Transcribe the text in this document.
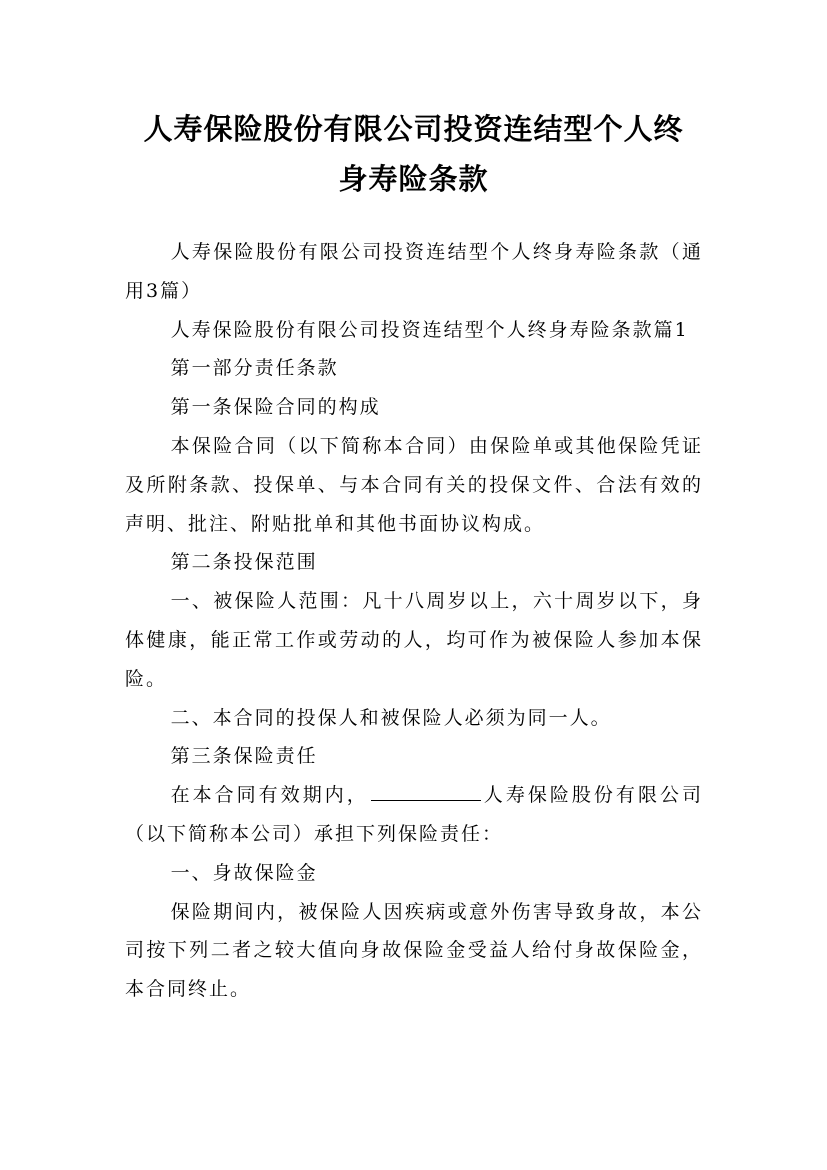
人寿保险股份有限公司投资连结型个人终
身寿险条款

人寿保险股份有限公司投资连结型个人终身寿险条款（通用3篇）

人寿保险股份有限公司投资连结型个人终身寿险条款篇1

第一部分责任条款

第一条保险合同的构成

本保险合同（以下简称本合同）由保险单或其他保险凭证及所附条款、投保单、与本合同有关的投保文件、合法有效的声明、批注、附贴批单和其他书面协议构成。

第二条投保范围

一、被保险人范围：凡十八周岁以上，六十周岁以下，身体健康，能正常工作或劳动的人，均可作为被保险人参加本保险。

二、本合同的投保人和被保险人必须为同一人。

第三条保险责任

在本合同有效期内，	人寿保险股份有限公司（以下简称本公司）承担下列保险责任：

一、身故保险金

保险期间内，被保险人因疾病或意外伤害导致身故，本公司按下列二者之较大值向身故保险金受益人给付身故保险金，本合同终止。
